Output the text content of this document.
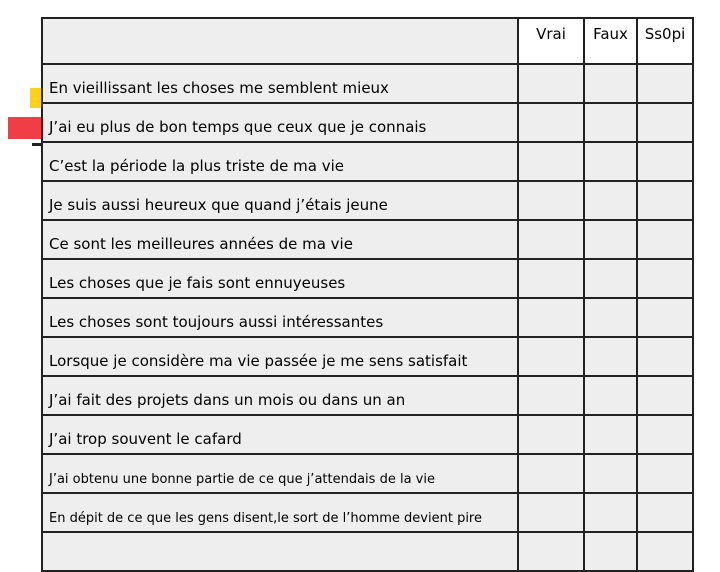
	Vrai	Faux	Ss0pi
En vieillissant les choses me semblent mieux			
J’ai eu plus de bon temps que ceux que je connais			
C’est la période la plus triste de ma vie			
Je suis aussi heureux que quand j’étais jeune			
Ce sont les meilleures années de ma vie			
Les choses que je fais sont ennuyeuses			
Les choses sont toujours aussi intéressantes			
Lorsque je considère ma vie passée je me sens satisfait			
J’ai fait des projets dans un mois ou dans un an			
J’ai trop souvent le cafard			
J’ai obtenu une bonne partie de ce que j’attendais de la vie			
En dépit de ce que les gens disent,le sort de l’homme devient pire			
